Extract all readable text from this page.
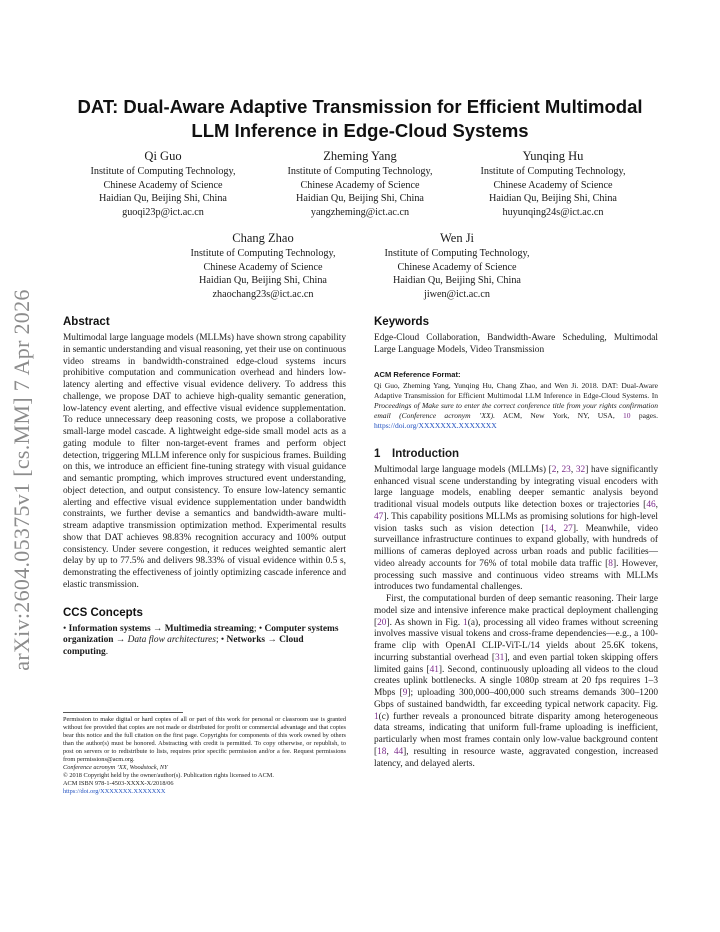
arXiv:2604.05375v1 [cs.MM] 7 Apr 2026
DAT: Dual-Aware Adaptive Transmission for Efficient Multimodal LLM Inference in Edge-Cloud Systems
Qi Guo
Institute of Computing Technology,
Chinese Academy of Science
Haidian Qu, Beijing Shi, China
guoqi23p@ict.ac.cn
Zheming Yang
Institute of Computing Technology,
Chinese Academy of Science
Haidian Qu, Beijing Shi, China
yangzheming@ict.ac.cn
Yunqing Hu
Institute of Computing Technology,
Chinese Academy of Science
Haidian Qu, Beijing Shi, China
huyunqing24s@ict.ac.cn
Chang Zhao
Institute of Computing Technology,
Chinese Academy of Science
Haidian Qu, Beijing Shi, China
zhaochang23s@ict.ac.cn
Wen Ji
Institute of Computing Technology,
Chinese Academy of Science
Haidian Qu, Beijing Shi, China
jiwen@ict.ac.cn
Abstract

Multimodal large language models (MLLMs) have shown strong capability in semantic understanding and visual reasoning, yet their use on continuous video streams in bandwidth-constrained edge-cloud systems incurs prohibitive computation and communication overhead and hinders low-latency alerting and effective visual evidence delivery. To address this challenge, we propose DAT to achieve high-quality semantic generation, low-latency event alerting, and effective visual evidence supplementation. To reduce unnecessary deep reasoning costs, we propose a collaborative small-large model cascade. A lightweight edge-side small model acts as a gating module to filter non-target-event frames and perform object detection, triggering MLLM inference only for suspicious frames. Building on this, we introduce an efficient fine-tuning strategy with visual guidance and semantic prompting, which improves structured event understanding, object detection, and output consistency. To ensure low-latency semantic alerting and effective visual evidence supplementation under bandwidth constraints, we further devise a semantics and bandwidth-aware multi-stream adaptive transmission optimization method. Experimental results show that DAT achieves 98.83% recognition accuracy and 100% output consistency. Under severe congestion, it reduces weighted semantic alert delay by up to 77.5% and delivers 98.33% of visual evidence within 0.5 s, demonstrating the effectiveness of jointly optimizing cascade inference and elastic transmission.

CCS Concepts

• Information systems → Multimedia streaming; • Computer systems organization → Data flow architectures; • Networks → Cloud computing.

Permission to make digital or hard copies of all or part of this work for personal or classroom use is granted without fee provided that copies are not made or distributed for profit or commercial advantage and that copies bear this notice and the full citation on the first page. Copyrights for components of this work owned by others than the author(s) must be honored. Abstracting with credit is permitted. To copy otherwise, or republish, to post on servers or to redistribute to lists, requires prior specific permission and/or a fee. Request permissions from permissions@acm.org.

Conference acronym ’XX, Woodstock, NY

© 2018 Copyright held by the owner/author(s). Publication rights licensed to ACM.

ACM ISBN 978-1-4503-XXXX-X/2018/06

https://doi.org/XXXXXXX.XXXXXXX

Keywords

Edge-Cloud Collaboration, Bandwidth-Aware Scheduling, Multimodal Large Language Models, Video Transmission

ACM Reference Format:

Qi Guo, Zheming Yang, Yunqing Hu, Chang Zhao, and Wen Ji. 2018. DAT: Dual-Aware Adaptive Transmission for Efficient Multimodal LLM Inference in Edge-Cloud Systems. In Proceedings of Make sure to enter the correct conference title from your rights confirmation email (Conference acronym ’XX). ACM, New York, NY, USA, 10 pages. https://doi.org/XXXXXXX.XXXXXXX

1 Introduction

Multimodal large language models (MLLMs) [2, 23, 32] have significantly enhanced visual scene understanding by integrating visual encoders with large language models, enabling deeper semantic analysis beyond traditional visual models outputs like detection boxes or trajectories [46, 47]. This capability positions MLLMs as promising solutions for high-level vision tasks such as vision detection [14, 27]. Meanwhile, video surveillance infrastructure continues to expand globally, with hundreds of millions of cameras deployed across urban roads and public facilities—video already accounts for 76% of total mobile data traffic [8]. However, processing such massive and continuous video streams with MLLMs introduces two fundamental challenges.

First, the computational burden of deep semantic reasoning. Their large model size and intensive inference make practical deployment challenging [20]. As shown in Fig. 1(a), processing all video frames without screening involves massive visual tokens and cross-frame dependencies—e.g., a 100-frame clip with OpenAI CLIP-ViT-L/14 yields about 25.6K tokens, incurring substantial overhead [31], and even partial token skipping offers limited gains [41]. Second, continuously uploading all videos to the cloud creates uplink bottlenecks. A single 1080p stream at 20 fps requires 1–3 Mbps [9]; uploading 300,000–400,000 such streams demands 300–1200 Gbps of sustained bandwidth, far exceeding typical network capacity. Fig. 1(c) further reveals a pronounced bitrate disparity among heterogeneous data streams, indicating that uniform full-frame uploading is inefficient, particularly when most frames contain only low-value background content [18, 44], resulting in resource waste, aggravated congestion, increased latency, and delayed alerts.
